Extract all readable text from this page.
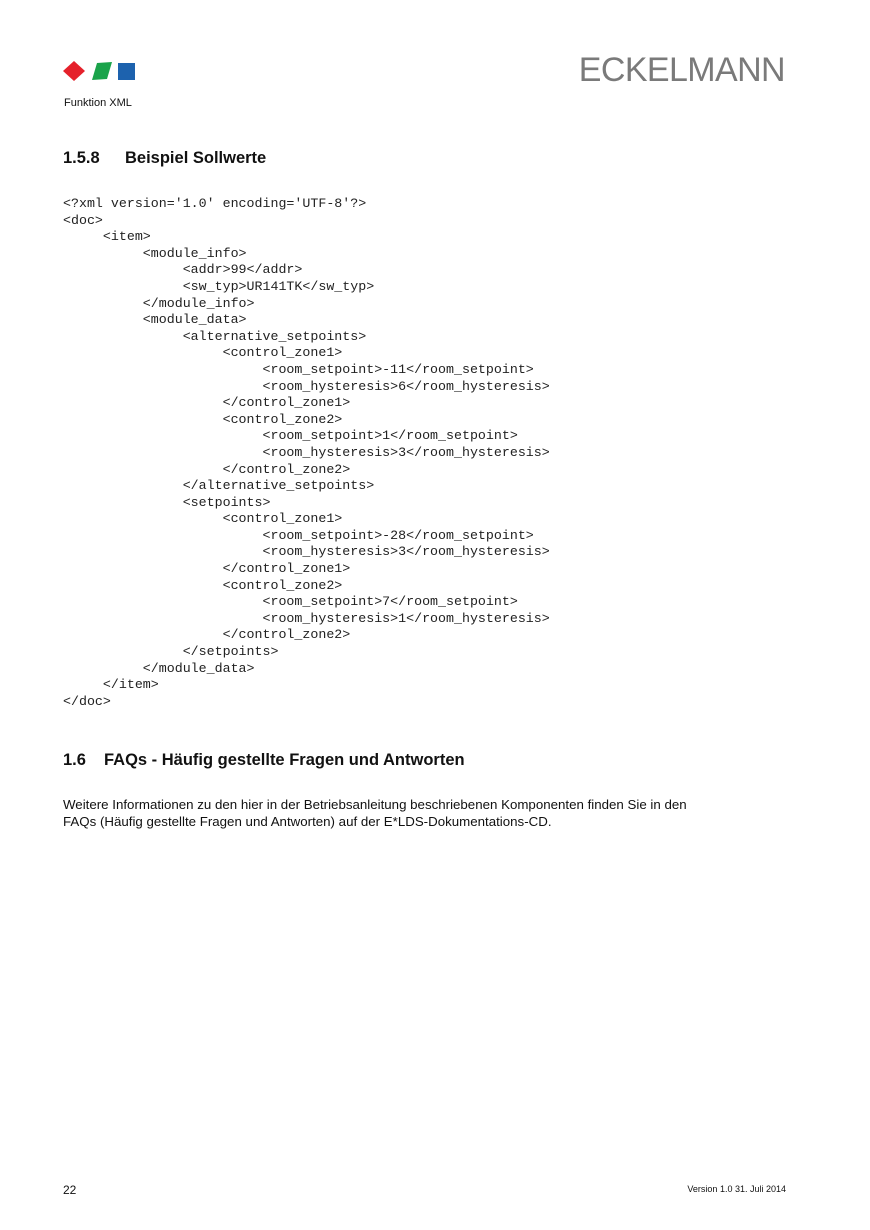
Funktion XML
ECKELMANN
1.5.8 Beispiel Sollwerte
<?xml version='1.0' encoding='UTF-8'?>
<doc>
<item>
<module_info>
<addr>99</addr>
<sw_typ>UR141TK</sw_typ>
</module_info>
<module_data>
<alternative_setpoints>
<control_zone1>
<room_setpoint>-11</room_setpoint>
<room_hysteresis>6</room_hysteresis>
</control_zone1>
<control_zone2>
<room_setpoint>1</room_setpoint>
<room_hysteresis>3</room_hysteresis>
</control_zone2>
</alternative_setpoints>
<setpoints>
<control_zone1>
<room_setpoint>-28</room_setpoint>
<room_hysteresis>3</room_hysteresis>
</control_zone1>
<control_zone2>
<room_setpoint>7</room_setpoint>
<room_hysteresis>1</room_hysteresis>
</control_zone2>
</setpoints>
</module_data>
</item>
</doc>
1.6 FAQs - Häufig gestellte Fragen und Antworten
Weitere Informationen zu den hier in der Betriebsanleitung beschriebenen Komponenten finden Sie in den
FAQs (Häufig gestellte Fragen und Antworten) auf der E*LDS-Dokumentations-CD.
22	Version 1.0 31. Juli 2014
